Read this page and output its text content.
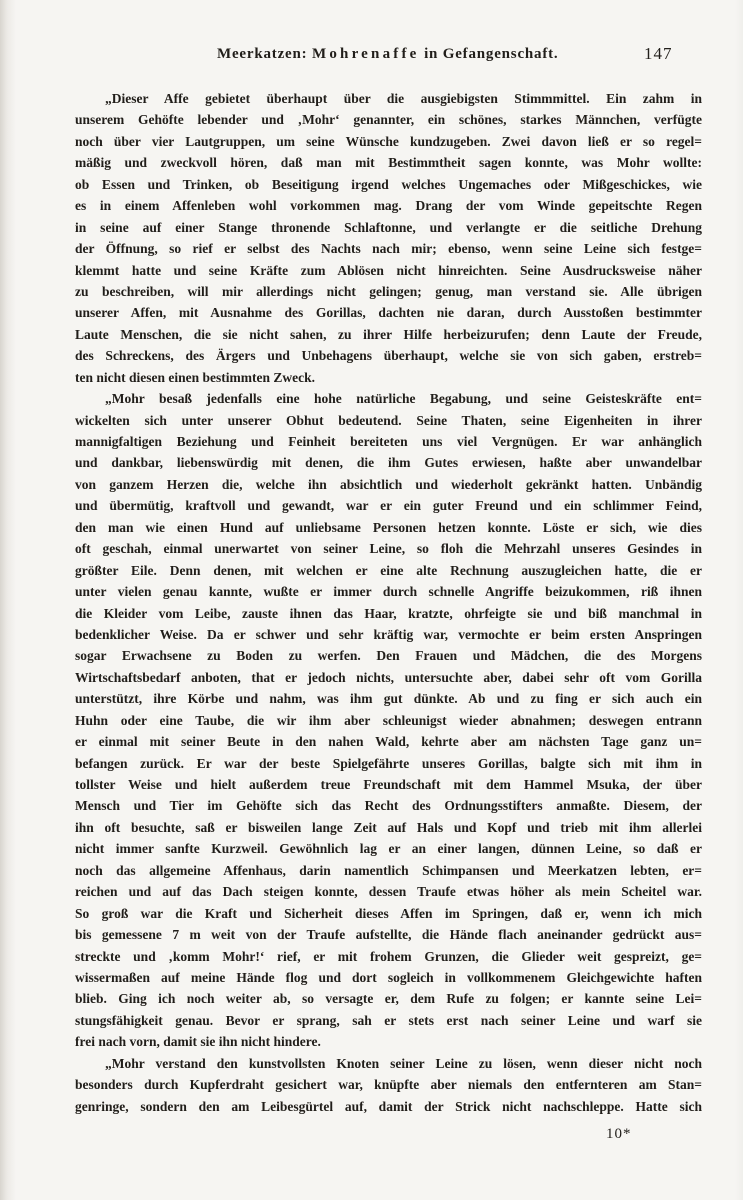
Meerkatzen: Mohrenaffe in Gefangenschaft.	147
„Dieser Affe gebietet überhaupt über die ausgiebigsten Stimmmittel. Ein zahm in
unserem Gehöfte lebender und ‚Mohr‘ genannter, ein schönes, starkes Männchen, verfügte
noch über vier Lautgruppen, um seine Wünsche kundzugeben. Zwei davon ließ er so regel=
mäßig und zweckvoll hören, daß man mit Bestimmtheit sagen konnte, was Mohr wollte:
ob Essen und Trinken, ob Beseitigung irgend welches Ungemaches oder Mißgeschickes, wie
es in einem Affenleben wohl vorkommen mag. Drang der vom Winde gepeitschte Regen
in seine auf einer Stange thronende Schlaftonne, und verlangte er die seitliche Drehung
der Öffnung, so rief er selbst des Nachts nach mir; ebenso, wenn seine Leine sich festge=
klemmt hatte und seine Kräfte zum Ablösen nicht hinreichten. Seine Ausdrucksweise näher
zu beschreiben, will mir allerdings nicht gelingen; genug, man verstand sie. Alle übrigen
unserer Affen, mit Ausnahme des Gorillas, dachten nie daran, durch Ausstoßen bestimmter
Laute Menschen, die sie nicht sahen, zu ihrer Hilfe herbeizurufen; denn Laute der Freude,
des Schreckens, des Ärgers und Unbehagens überhaupt, welche sie von sich gaben, erstreb=
ten nicht diesen einen bestimmten Zweck.
„Mohr besaß jedenfalls eine hohe natürliche Begabung, und seine Geisteskräfte ent=
wickelten sich unter unserer Obhut bedeutend. Seine Thaten, seine Eigenheiten in ihrer
mannigfaltigen Beziehung und Feinheit bereiteten uns viel Vergnügen. Er war anhänglich
und dankbar, liebenswürdig mit denen, die ihm Gutes erwiesen, haßte aber unwandelbar
von ganzem Herzen die, welche ihn absichtlich und wiederholt gekränkt hatten. Unbändig
und übermütig, kraftvoll und gewandt, war er ein guter Freund und ein schlimmer Feind,
den man wie einen Hund auf unliebsame Personen hetzen konnte. Löste er sich, wie dies
oft geschah, einmal unerwartet von seiner Leine, so floh die Mehrzahl unseres Gesindes in
größter Eile. Denn denen, mit welchen er eine alte Rechnung auszugleichen hatte, die er
unter vielen genau kannte, wußte er immer durch schnelle Angriffe beizukommen, riß ihnen
die Kleider vom Leibe, zauste ihnen das Haar, kratzte, ohrfeigte sie und biß manchmal in
bedenklicher Weise. Da er schwer und sehr kräftig war, vermochte er beim ersten Anspringen
sogar Erwachsene zu Boden zu werfen. Den Frauen und Mädchen, die des Morgens
Wirtschaftsbedarf anboten, that er jedoch nichts, untersuchte aber, dabei sehr oft vom Gorilla
unterstützt, ihre Körbe und nahm, was ihm gut dünkte. Ab und zu fing er sich auch ein
Huhn oder eine Taube, die wir ihm aber schleunigst wieder abnahmen; deswegen entrann
er einmal mit seiner Beute in den nahen Wald, kehrte aber am nächsten Tage ganz un=
befangen zurück. Er war der beste Spielgefährte unseres Gorillas, balgte sich mit ihm in
tollster Weise und hielt außerdem treue Freundschaft mit dem Hammel Msuka, der über
Mensch und Tier im Gehöfte sich das Recht des Ordnungsstifters anmaßte. Diesem, der
ihn oft besuchte, saß er bisweilen lange Zeit auf Hals und Kopf und trieb mit ihm allerlei
nicht immer sanfte Kurzweil. Gewöhnlich lag er an einer langen, dünnen Leine, so daß er
noch das allgemeine Affenhaus, darin namentlich Schimpansen und Meerkatzen lebten, er=
reichen und auf das Dach steigen konnte, dessen Traufe etwas höher als mein Scheitel war.
So groß war die Kraft und Sicherheit dieses Affen im Springen, daß er, wenn ich mich
bis gemessene 7 m weit von der Traufe aufstellte, die Hände flach aneinander gedrückt aus=
streckte und ‚komm Mohr!‘ rief, er mit frohem Grunzen, die Glieder weit gespreizt, ge=
wissermaßen auf meine Hände flog und dort sogleich in vollkommenem Gleichgewichte haften
blieb. Ging ich noch weiter ab, so versagte er, dem Rufe zu folgen; er kannte seine Lei=
stungsfähigkeit genau. Bevor er sprang, sah er stets erst nach seiner Leine und warf sie
frei nach vorn, damit sie ihn nicht hindere.
„Mohr verstand den kunstvollsten Knoten seiner Leine zu lösen, wenn dieser nicht noch
besonders durch Kupferdraht gesichert war, knüpfte aber niemals den entfernteren am Stan=
genringe, sondern den am Leibesgürtel auf, damit der Strick nicht nachschleppe. Hatte sich
10*
